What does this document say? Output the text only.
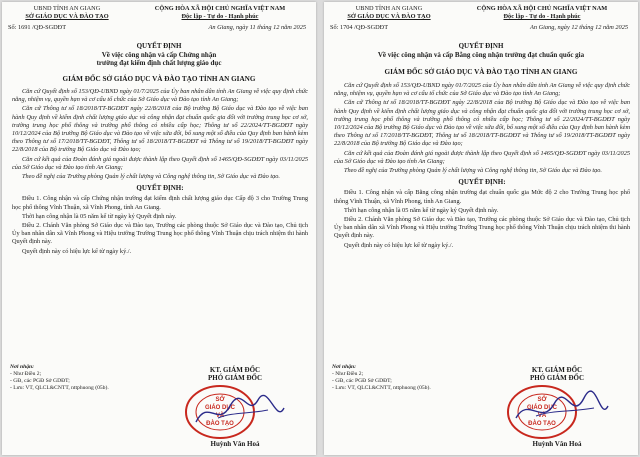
UBND TỈNH AN GIANG
SỞ GIÁO DỤC VÀ ĐÀO TẠO
CỘNG HÒA XÃ HỘI CHỦ NGHĨA VIỆT NAM
Độc lập - Tự do - Hạnh phúc
Số: 1691 /QĐ-SGDĐT	An Giang, ngày 11 tháng 12 năm 2025
QUYẾT ĐỊNH
Về việc công nhận và cấp Chứng nhận
trường đạt kiểm định chất lượng giáo dục
GIÁM ĐỐC SỞ GIÁO DỤC VÀ ĐÀO TẠO TỈNH AN GIANG

Căn cứ Quyết định số 153/QĐ-UBND ngày 01/7/2025 của Ủy ban nhân dân tỉnh An Giang về việc quy định chức năng, nhiệm vụ, quyền hạn và cơ cấu tổ chức của Sở Giáo dục và Đào tạo tỉnh An Giang;

Căn cứ Thông tư số 18/2018/TT-BGDĐT ngày 22/8/2018 của Bộ trưởng Bộ Giáo dục và Đào tạo về việc ban hành Quy định về kiểm định chất lượng giáo dục và công nhận đạt chuẩn quốc gia đối với trường trung học cơ sở, trường trung học phổ thông và trường phổ thông có nhiều cấp học; Thông tư số 22/2024/TT-BGDĐT ngày 10/12/2024 của Bộ trưởng Bộ Giáo dục và Đào tạo về việc sửa đổi, bổ sung một số điều của Quy định ban hành kèm theo Thông tư số 17/2018/TT-BGDĐT, Thông tư số 18/2018/TT-BGDĐT và Thông tư số 19/2018/TT-BGDĐT ngày 22/8/2018 của Bộ trưởng Bộ Giáo dục và Đào tạo;

Căn cứ kết quả của Đoàn đánh giá ngoài được thành lập theo Quyết định số 1465/QĐ-SGDĐT ngày 03/11/2025 của Sở Giáo dục và Đào tạo tỉnh An Giang;

Theo đề nghị của Trưởng phòng Quản lý chất lượng và Công nghệ thông tin, Sở Giáo dục và Đào tạo.

QUYẾT ĐỊNH:

Điều 1. Công nhận và cấp Chứng nhận trường đạt kiểm định chất lượng giáo dục Cấp độ 3 cho Trường Trung học phổ thông Vĩnh Thuận, xã Vĩnh Phong, tỉnh An Giang.

Thời hạn công nhận là 05 năm kể từ ngày ký Quyết định này.

Điều 2. Chánh Văn phòng Sở Giáo dục và Đào tạo, Trưởng các phòng thuộc Sở Giáo dục và Đào tạo, Chủ tịch Ủy ban nhân dân xã Vĩnh Phong và Hiệu trưởng Trường Trung học phổ thông Vĩnh Thuận chịu trách nhiệm thi hành Quyết định này.

Quyết định này có hiệu lực kể từ ngày ký./.

Nơi nhận:
- Như Điều 2;
- GĐ, các PGĐ Sở GDĐT;
- Lưu: VT, QLCL&CNTT, nttphuong (05b).
KT. GIÁM ĐỐC
PHÓ GIÁM ĐỐC
SỞ
GIÁO DỤC
VÀ
ĐÀO TẠO
Huỳnh Văn Hoá
UBND TỈNH AN GIANG
SỞ GIÁO DỤC VÀ ĐÀO TẠO
CỘNG HÒA XÃ HỘI CHỦ NGHĨA VIỆT NAM
Độc lập - Tự do - Hạnh phúc
Số: 1704 /QĐ-SGDĐT	An Giang, ngày 12 tháng 12 năm 2025
QUYẾT ĐỊNH
Về việc công nhận và cấp Bằng công nhận trường đạt chuẩn quốc gia
GIÁM ĐỐC SỞ GIÁO DỤC VÀ ĐÀO TẠO TỈNH AN GIANG

Căn cứ Quyết định số 153/QĐ-UBND ngày 01/7/2025 của Ủy ban nhân dân tỉnh An Giang về việc quy định chức năng, nhiệm vụ, quyền hạn và cơ cấu tổ chức của Sở Giáo dục và Đào tạo tỉnh An Giang;

Căn cứ Thông tư số 18/2018/TT-BGDĐT ngày 22/8/2018 của Bộ trưởng Bộ Giáo dục và Đào tạo về việc ban hành Quy định về kiểm định chất lượng giáo dục và công nhận đạt chuẩn quốc gia đối với trường trung học cơ sở, trường trung học phổ thông và trường phổ thông có nhiều cấp học; Thông tư số 22/2024/TT-BGDĐT ngày 10/12/2024 của Bộ trưởng Bộ Giáo dục và Đào tạo về việc sửa đổi, bổ sung một số điều của Quy định ban hành kèm theo Thông tư số 17/2018/TT-BGDĐT, Thông tư số 18/2018/TT-BGDĐT và Thông tư số 19/2018/TT-BGDĐT ngày 22/8/2018 của Bộ trưởng Bộ Giáo dục và Đào tạo;

Căn cứ kết quả của Đoàn đánh giá ngoài được thành lập theo Quyết định số 1465/QĐ-SGDĐT ngày 03/11/2025 của Sở Giáo dục và Đào tạo tỉnh An Giang;

Theo đề nghị của Trưởng phòng Quản lý chất lượng và Công nghệ thông tin, Sở Giáo dục và Đào tạo.

QUYẾT ĐỊNH:

Điều 1. Công nhận và cấp Bằng công nhận trường đạt chuẩn quốc gia Mức độ 2 cho Trường Trung học phổ thông Vĩnh Thuận, xã Vĩnh Phong, tỉnh An Giang.

Thời hạn công nhận là 05 năm kể từ ngày ký Quyết định này.

Điều 2. Chánh Văn phòng Sở Giáo dục và Đào tạo, Trưởng các phòng thuộc Sở Giáo dục và Đào tạo, Chủ tịch Ủy ban nhân dân xã Vĩnh Phong và Hiệu trưởng Trường Trung học phổ thông Vĩnh Thuận chịu trách nhiệm thi hành Quyết định này.

Quyết định này có hiệu lực kể từ ngày ký./.

Nơi nhận:
- Như Điều 2;
- GĐ, các PGĐ Sở GDĐT;
- Lưu: VT, QLCL&CNTT, nttphuong (05b).
KT. GIÁM ĐỐC
PHÓ GIÁM ĐỐC
SỞ
GIÁO DỤC
VÀ
ĐÀO TẠO
Huỳnh Văn Hoá
